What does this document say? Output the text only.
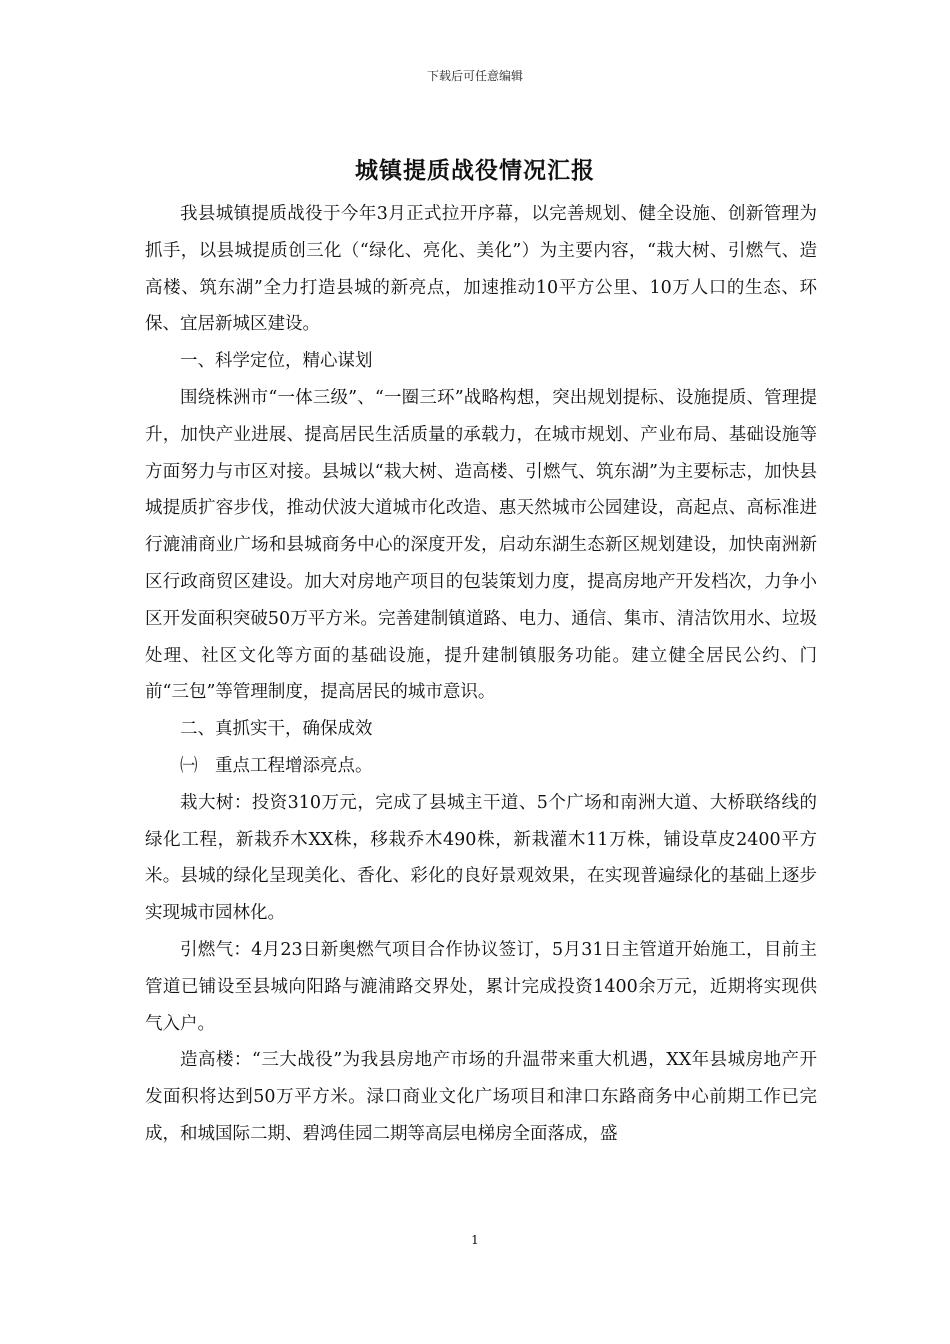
下载后可任意编辑
城镇提质战役情况汇报

我县城镇提质战役于今年3月正式拉开序幕，以完善规划、健全设施、创新管理为抓手，以县城提质创三化（“绿化、亮化、美化”）为主要内容，“栽大树、引燃气、造高楼、筑东湖”全力打造县城的新亮点，加速推动10平方公里、10万人口的生态、环保、宜居新城区建设。

一、科学定位，精心谋划

围绕株洲市“一体三级”、“一圈三环”战略构想，突出规划提标、设施提质、管理提升，加快产业进展、提高居民生活质量的承载力，在城市规划、产业布局、基础设施等方面努力与市区对接。县城以“栽大树、造高楼、引燃气、筑东湖”为主要标志，加快县城提质扩容步伐，推动伏波大道城市化改造、惠天然城市公园建设，高起点、高标准进行漉浦商业广场和县城商务中心的深度开发，启动东湖生态新区规划建设，加快南洲新区行政商贸区建设。加大对房地产项目的包装策划力度，提高房地产开发档次，力争小区开发面积突破50万平方米。完善建制镇道路、电力、通信、集市、清洁饮用水、垃圾处理、社区文化等方面的基础设施，提升建制镇服务功能。建立健全居民公约、门前“三包”等管理制度，提高居民的城市意识。

二、真抓实干，确保成效

㈠　重点工程增添亮点。

栽大树：投资310万元，完成了县城主干道、5个广场和南洲大道、大桥联络线的绿化工程，新栽乔木XX株，移栽乔木490株，新栽灌木11万株，铺设草皮2400平方米。县城的绿化呈现美化、香化、彩化的良好景观效果，在实现普遍绿化的基础上逐步实现城市园林化。

引燃气：4月23日新奥燃气项目合作协议签订，5月31日主管道开始施工，目前主管道已铺设至县城向阳路与漉浦路交界处，累计完成投资1400余万元，近期将实现供气入户。

造高楼：“三大战役”为我县房地产市场的升温带来重大机遇，XX年县城房地产开发面积将达到50万平方米。渌口商业文化广场项目和津口东路商务中心前期工作已完成，和城国际二期、碧鸿佳园二期等高层电梯房全面落成，盛

1
